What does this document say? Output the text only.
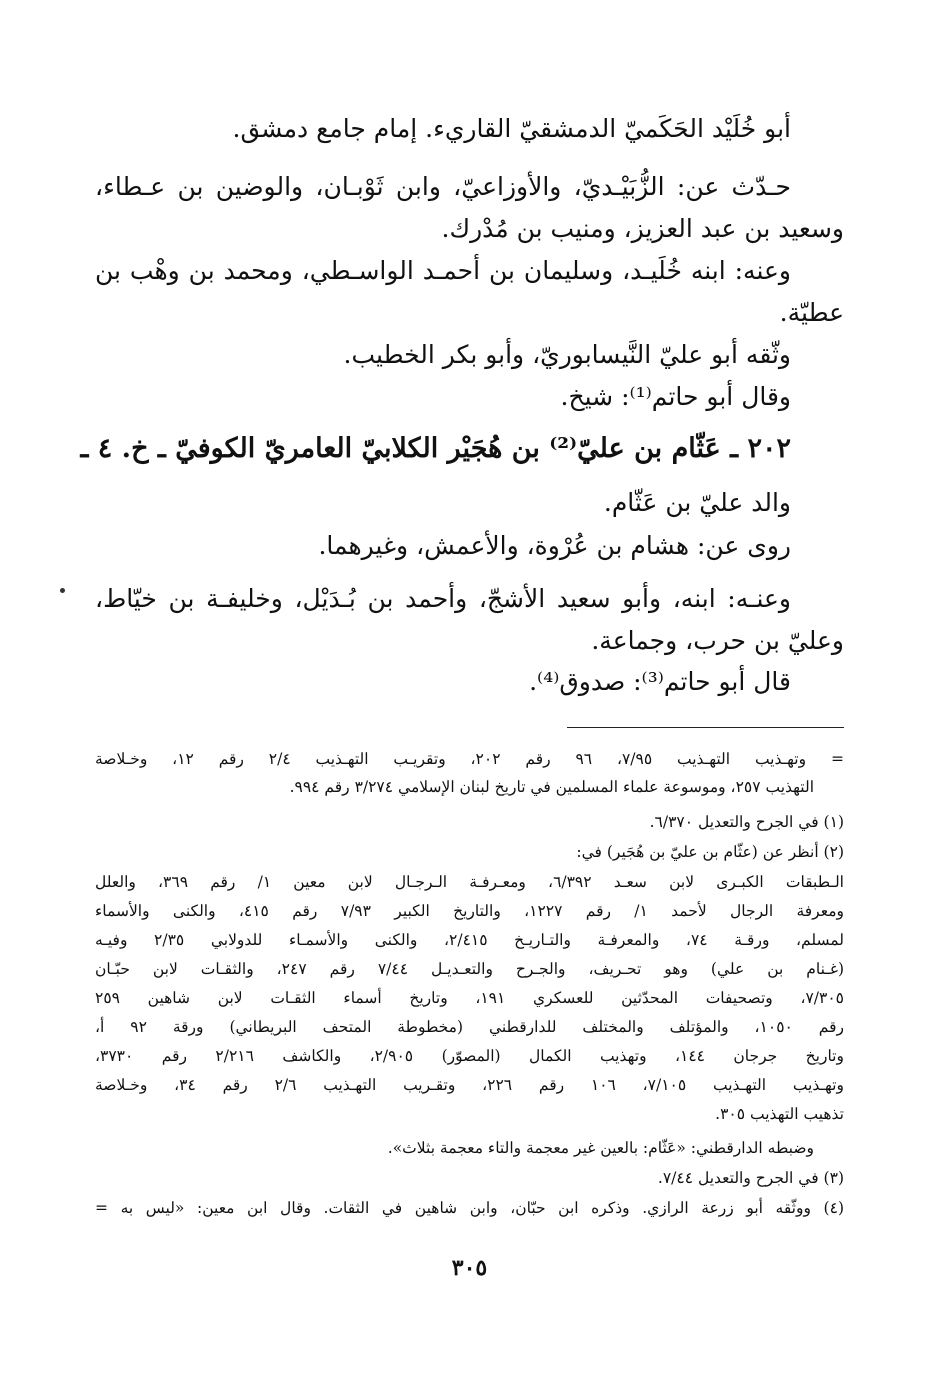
أبو خُلَيْد الحَكَميّ الدمشقيّ القاريء. إمام جامع دمشق.
حـدّث عن: الزُّبَيْـديّ، والأوزاعيّ، وابن ثَوْبـان، والوضين بن عـطاء،
وسعيد بن عبد العزيز، ومنيب بن مُدْرك.
وعنه: ابنه خُلَيـد، وسليمان بن أحمـد الواسـطي، ومحمد بن وهْب بن
عطيّة.
وثّقه أبو عليّ النَّيسابوريّ، وأبو بكر الخطيب.
وقال أبو حاتم⁽¹⁾: شيخ.
٢٠٢ ـ عَثّام بن عليّ⁽²⁾ بن هُجَيْر الكلابيّ العامريّ الكوفيّ ـ خ. ٤ ـ
والد عليّ بن عَثّام.
روى عن: هشام بن عُرْوة، والأعمش، وغيرهما.
وعنـه: ابنه، وأبو سعيد الأشجّ، وأحمد بن بُـدَيْل، وخليفـة بن خيّاط،
وعليّ بن حرب، وجماعة.
قال أبو حاتم⁽³⁾: صدوق⁽⁴⁾.
= وتهـذيب التهـذيب ٧/٩٥، ٩٦ رقم ٢٠٢، وتقريـب التهـذيب ٢/٤ رقم ١٢، وخـلاصة
التهذيب ٢٥٧، وموسوعة علماء المسلمين في تاريخ لبنان الإسلامي ٣/٢٧٤ رقم ٩٩٤.
(١) في الجرح والتعديل ٦/٣٧٠.
(٢) أنظر عن (عثّام بن عليّ بن هُجَير) في:
الـطبقات الكبـرى لابن سعـد ٦/٣٩٢، ومعـرفـة الـرجـال لابن معين ١/ رقم ٣٦٩، والعلل
ومعرفة الرجال لأحمد ١/ رقم ١٢٢٧، والتاريخ الكبير ٧/٩٣ رقم ٤١٥، والكنى والأسماء
لمسلم، ورقـة ٧٤، والمعرفـة والتـاريـخ ٢/٤١٥، والكنى والأسمـاء للدولابي ٢/٣٥ وفيـه
(غـنام بن علي) وهو تحـريف، والجـرح والتعـديـل ٧/٤٤ رقم ٢٤٧، والثقـات لابن حبّـان
٧/٣٠٥، وتصحيفات المحدّثين للعسكري ١٩١، وتاريخ أسماء الثقـات لابن شاهين ٢٥٩
رقم ١٠٥٠، والمؤتلف والمختلف للدارقطني (مخطوطة المتحف البريطاني) ورقة ٩٢ أ،
وتاريخ جرجان ١٤٤، وتهذيب الكمال (المصوّر) ٢/٩٠٥، والكاشف ٢/٢١٦ رقم ٣٧٣٠،
وتهـذيب التهـذيب ٧/١٠٥، ١٠٦ رقم ٢٢٦، وتقـريب التهـذيب ٢/٦ رقم ٣٤، وخـلاصة
تذهيب التهذيب ٣٠٥.
وضبطه الدارقطني: «عَثّام: بالعين غير معجمة والتاء معجمة بثلاث».
(٣) في الجرح والتعديل ٧/٤٤.
(٤) ووثّقه أبو زرعة الرازي. وذكره ابن حبّان، وابن شاهين في الثقات. وقال ابن معين: «ليس به =
٣٠٥
